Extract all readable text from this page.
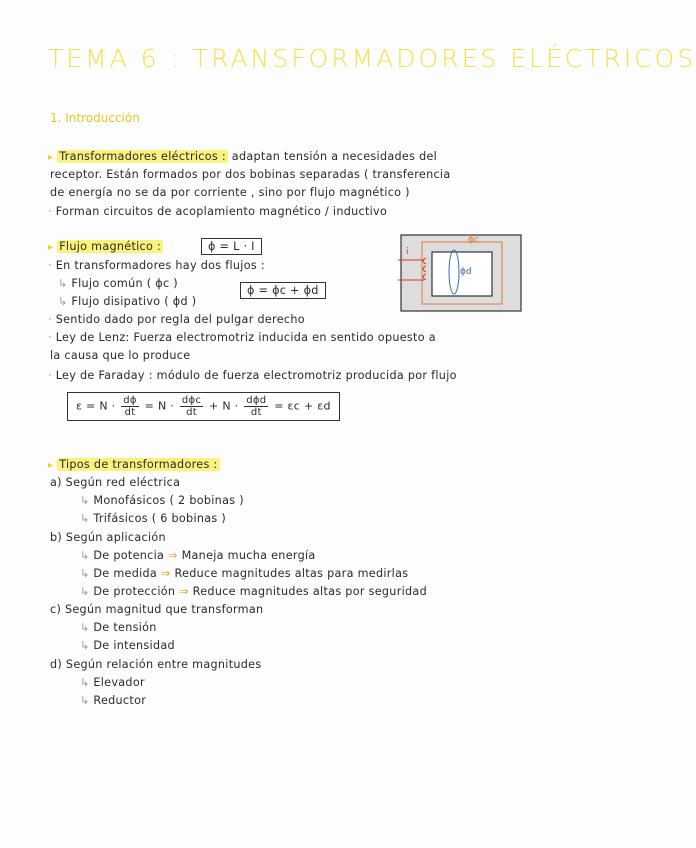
TEMA 6 : TRANSFORMADORES ELÉCTRICOS
1. Introducción
▸ Transformadores eléctricos : adaptan tensión a necesidades del
receptor. Están formados por dos bobinas separadas ( transferencia
de energía no se da por corriente , sino por flujo magnético )
· Forman circuitos de acoplamiento magnético / inductivo
▸ Flujo magnético :	ϕ = L · I
· En transformadores hay dos flujos :
↳ Flujo común ( ϕc )
↳ Flujo disipativo ( ϕd )
ϕ = ϕc + ϕd
i
ϕc
ϕd
· Sentido dado por regla del pulgar derecho
· Ley de Lenz: Fuerza electromotriz inducida en sentido opuesto a
la causa que lo produce
· Ley de Faraday : módulo de fuerza electromotriz producida por flujo
$\varepsilon = N \cdot \frac{d\phi}{dt} = N \cdot \frac{\text{dϕc}}{dt} + N \cdot \frac{\text{dϕd}}{dt} = \varepsilon c + \varepsilon d$
▸ Tipos de transformadores :
a) Según red eléctrica
↳ Monofásicos ( 2 bobinas )
↳ Trifásicos ( 6 bobinas )
b) Según aplicación
↳ De potencia ⇒ Maneja mucha energía
↳ De medida ⇒ Reduce magnitudes altas para medirlas
↳ De protección ⇒ Reduce magnitudes altas por seguridad
c) Según magnitud que transforman
↳ De tensión
↳ De intensidad
d) Según relación entre magnitudes
↳ Elevador
↳ Reductor
